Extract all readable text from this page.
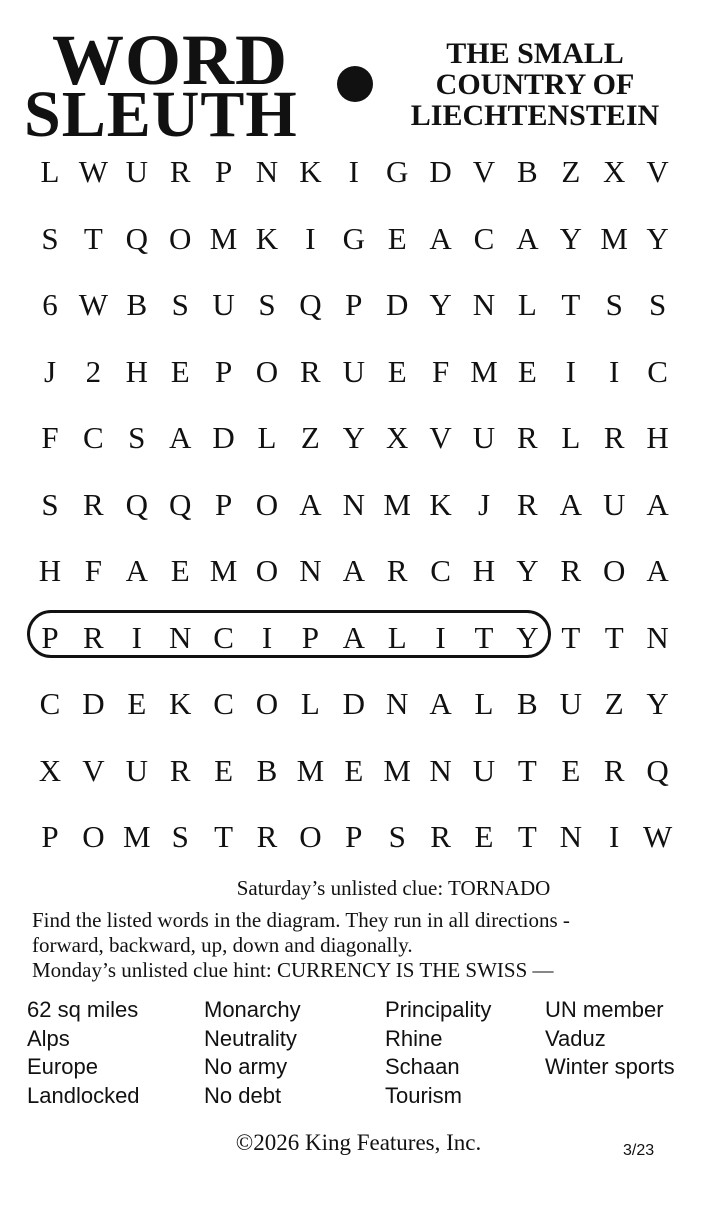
WORD
SLEUTH
THE SMALL
COUNTRY OF
LIECHTENSTEIN
L W U R P N K I G D V B Z X V
S T Q O M K I G E A C A Y M Y
6 W B S U S Q P D Y N L T S S
J 2 H E P O R U E F M E I	I C
F C S A D L Z Y X V U R L R H
S R Q Q P O A N M K J R A U A
H F A E M O N A R C H Y R O A
P R I N C I P A L I T Y T T N
C D E K C O L D N A L B U Z Y
X V U R E B M E M N U T E R Q
P O M S T R O P S R E T N I W
Saturday’s unlisted clue: TORNADO
Find the listed words in the diagram. They run in all directions -
forward, backward, up, down and diagonally.
Monday’s unlisted clue hint: CURRENCY IS THE SWISS —
62 sq miles
Alps
Europe
Landlocked
Monarchy
Neutrality
No army
No debt
Principality
Rhine
Schaan
Tourism
UN member
Vaduz
Winter sports
©2026 King Features, Inc.	3/23
